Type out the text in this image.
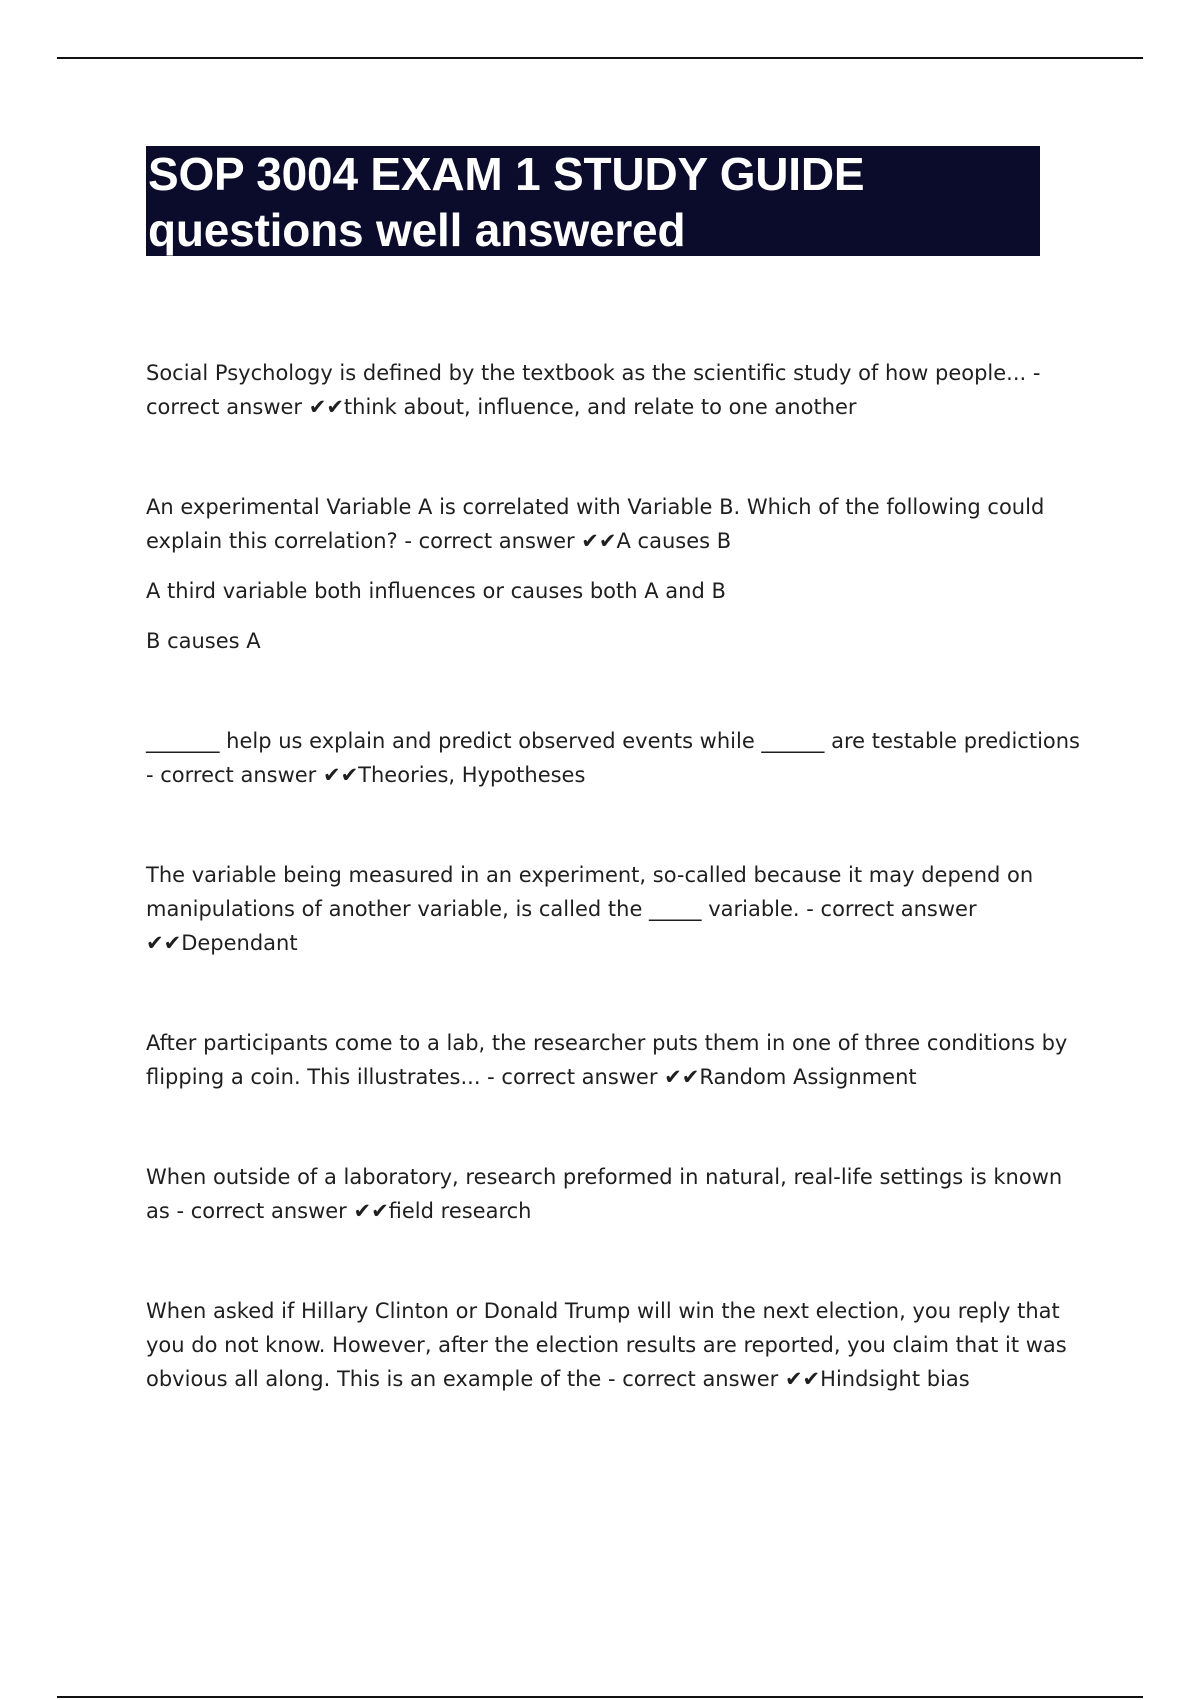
SOP 3004 EXAM 1 STUDY GUIDE
questions well answered

Social Psychology is defined by the textbook as the scientific study of how people... - correct answer ✔✔think about, influence, and relate to one another

An experimental Variable A is correlated with Variable B. Which of the following could explain this correlation? - correct answer ✔✔A causes B

A third variable both influences or causes both A and B

B causes A

_______ help us explain and predict observed events while ______ are testable predictions - correct answer ✔✔Theories, Hypotheses

The variable being measured in an experiment, so-called because it may depend on manipulations of another variable, is called the _____ variable. - correct answer ✔✔Dependant

After participants come to a lab, the researcher puts them in one of three conditions by flipping a coin. This illustrates... - correct answer ✔✔Random Assignment

When outside of a laboratory, research preformed in natural, real-life settings is known as - correct answer ✔✔field research

When asked if Hillary Clinton or Donald Trump will win the next election, you reply that you do not know. However, after the election results are reported, you claim that it was obvious all along. This is an example of the - correct answer ✔✔Hindsight bias
